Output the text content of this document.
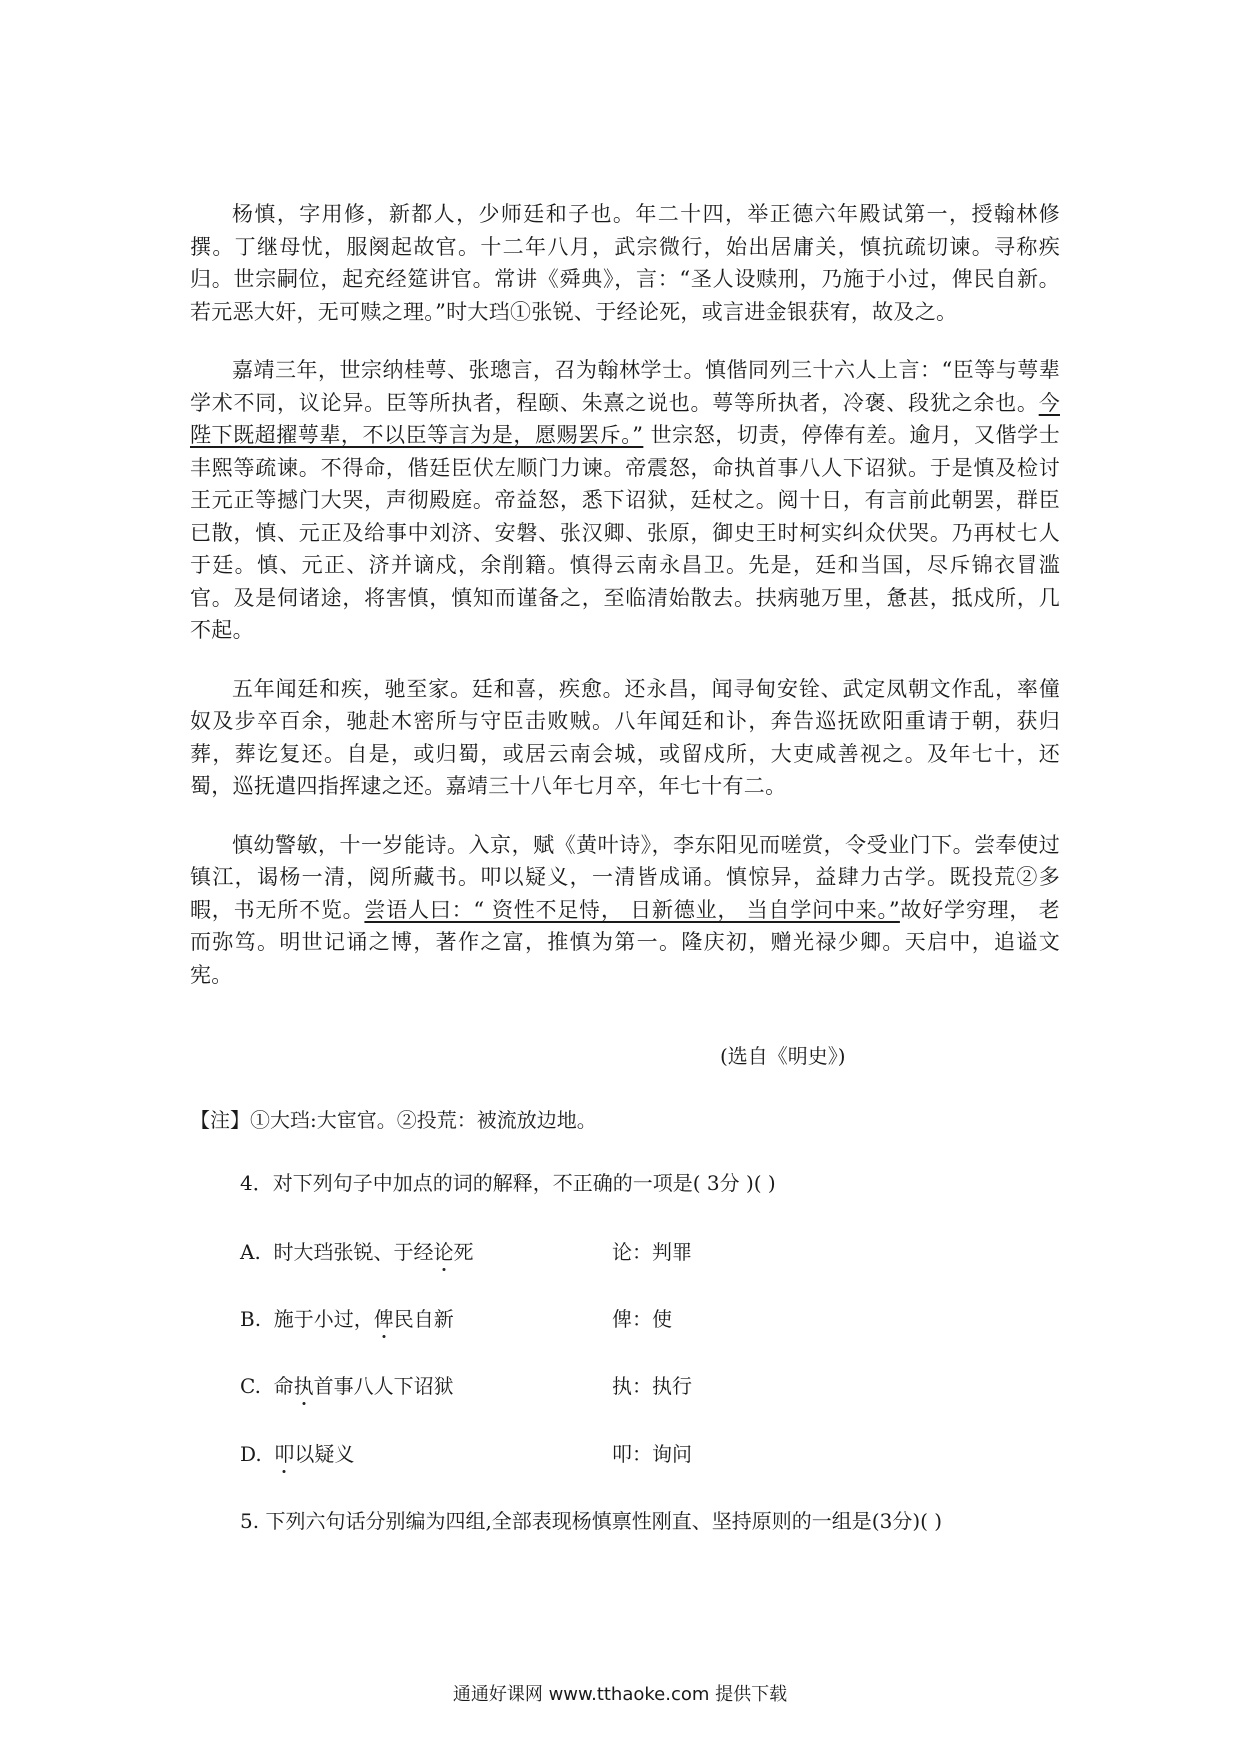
杨慎，字用修，新都人，少师廷和子也。年二十四，举正德六年殿试第一，授翰林修撰。丁继母忧，服阕起故官。十二年八月，武宗微行，始出居庸关，慎抗疏切谏。寻称疾归。世宗嗣位，起充经筵讲官。常讲《舜典》，言：“圣人设赎刑，乃施于小过，俾民自新。若元恶大奸，无可赎之理。”时大珰①张锐、于经论死，或言进金银获宥，故及之。

嘉靖三年，世宗纳桂萼、张璁言，召为翰林学士。慎偕同列三十六人上言：“臣等与萼辈学术不同，议论异。臣等所执者，程颐、朱熹之说也。萼等所执者，冷褒、段犹之余也。今陛下既超擢萼辈，不以臣等言为是，愿赐罢斥。” 世宗怒，切责，停俸有差。逾月，又偕学士丰熙等疏谏。不得命，偕廷臣伏左顺门力谏。帝震怒，命执首事八人下诏狱。于是慎及检讨王元正等撼门大哭，声彻殿庭。帝益怒，悉下诏狱，廷杖之。阅十日，有言前此朝罢，群臣已散，慎、元正及给事中刘济、安磐、张汉卿、张原，御史王时柯实纠众伏哭。乃再杖七人于廷。慎、元正、济并谪戍，余削籍。慎得云南永昌卫。先是，廷和当国，尽斥锦衣冒滥官。及是伺诸途，将害慎，慎知而谨备之，至临清始散去。扶病驰万里，惫甚，抵戍所，几不起。

五年闻廷和疾，驰至家。廷和喜，疾愈。还永昌，闻寻甸安铨、武定凤朝文作乱，率僮奴及步卒百余，驰赴木密所与守臣击败贼。八年闻廷和讣，奔告巡抚欧阳重请于朝，获归葬，葬讫复还。自是，或归蜀，或居云南会城，或留戍所，大吏咸善视之。及年七十，还蜀，巡抚遣四指挥逮之还。嘉靖三十八年七月卒，年七十有二。

慎幼警敏，十一岁能诗。入京，赋《黄叶诗》，李东阳见而嗟赏，令受业门下。尝奉使过镇江，谒杨一清，阅所藏书。叩以疑义，一清皆成诵。慎惊异，益肆力古学。既投荒②多暇，书无所不览。尝语人曰：“ 资性不足恃， 日新德业， 当自学问中来。”故好学穷理， 老而弥笃。明世记诵之博，著作之富，推慎为第一。隆庆初，赠光禄少卿。天启中，追谥文宪。

(选自《明史》)
【注】①大珰:大宦官。②投荒：被流放边地。
4．对下列句子中加点的词的解释，不正确的一项是( 3分 )( )
A. 时大珰张锐、于经论死	论：判罪
B. 施于小过，俾民自新	俾：使
C. 命执首事八人下诏狱	执：执行
D. 叩以疑义	叩：询问
5. 下列六句话分别编为四组,全部表现杨慎禀性刚直、坚持原则的一组是(3分)( )
通通好课网 www.tthaoke.com 提供下载
